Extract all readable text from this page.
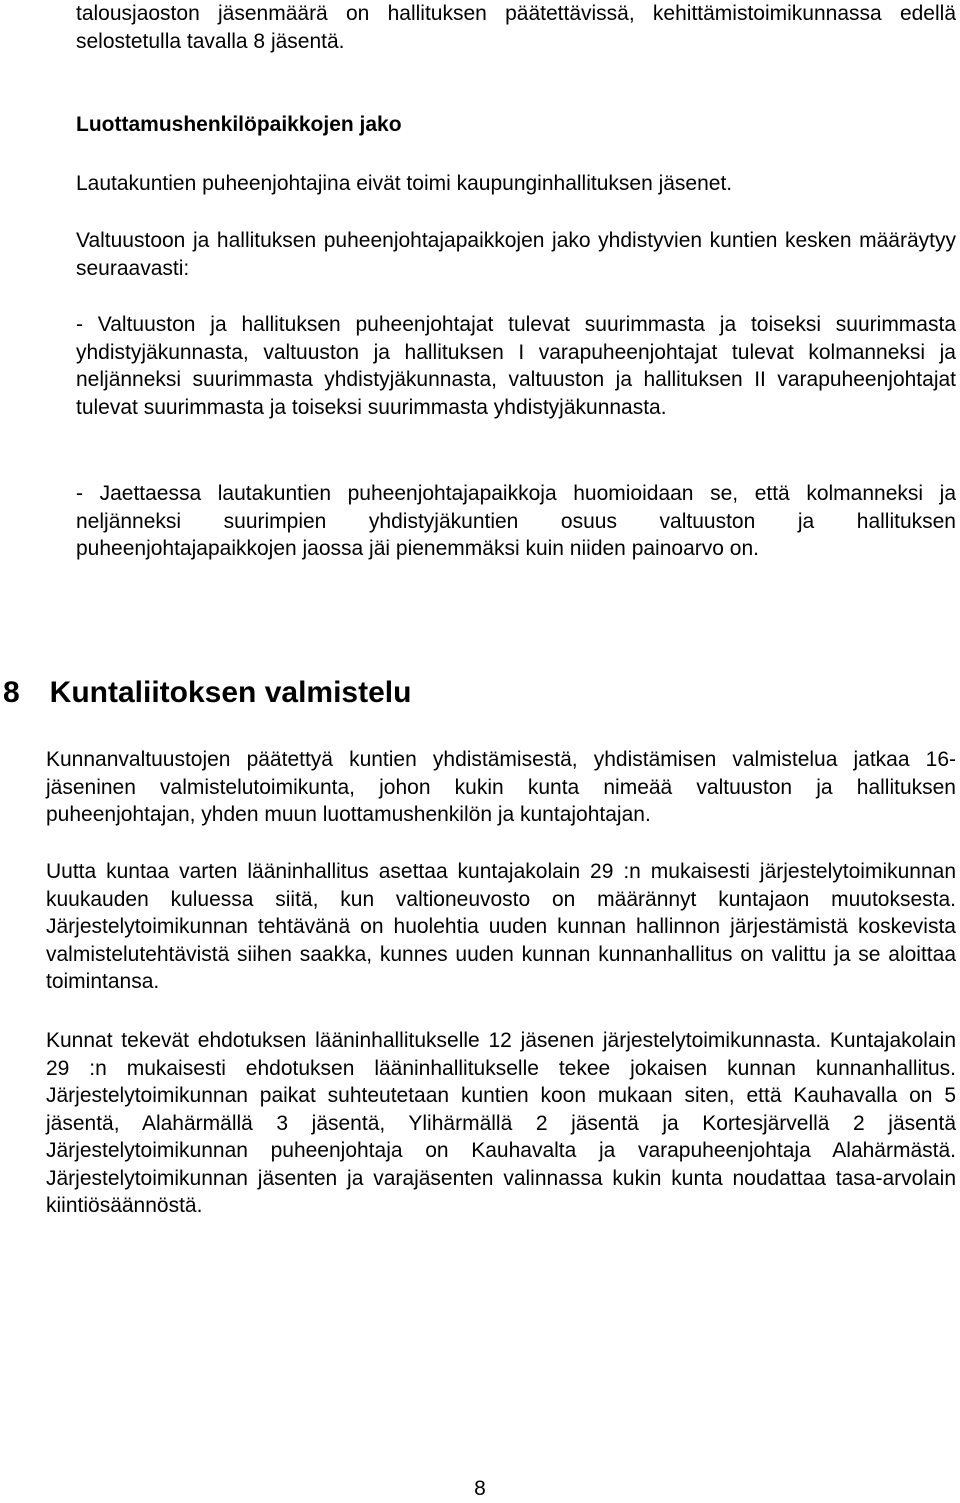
talousjaoston jäsenmäärä on hallituksen päätettävissä, kehittämistoimikunnassa edellä selostetulla tavalla 8 jäsentä.

Luottamushenkilöpaikkojen jako

Lautakuntien puheenjohtajina eivät toimi kaupunginhallituksen jäsenet.

Valtuustoon ja hallituksen puheenjohtajapaikkojen jako yhdistyvien kuntien kesken määräytyy seuraavasti:

- Valtuuston ja hallituksen puheenjohtajat tulevat suurimmasta ja toiseksi suurimmasta yhdistyjäkunnasta, valtuuston ja hallituksen I varapuheenjohtajat tulevat kolmanneksi ja neljänneksi suurimmasta yhdistyjäkunnasta, valtuuston ja hallituksen II varapuheenjohtajat tulevat suurimmasta ja toiseksi suurimmasta yhdistyjäkunnasta.

- Jaettaessa lautakuntien puheenjohtajapaikkoja huomioidaan se, että kolmanneksi ja neljänneksi suurimpien yhdistyjäkuntien osuus valtuuston ja hallituksen puheenjohtajapaikkojen jaossa jäi pienemmäksi kuin niiden painoarvo on.

8 Kuntaliitoksen valmistelu

Kunnanvaltuustojen päätettyä kuntien yhdistämisestä, yhdistämisen valmistelua jatkaa 16-jäseninen valmistelutoimikunta, johon kukin kunta nimeää valtuuston ja hallituksen puheenjohtajan, yhden muun luottamushenkilön ja kuntajohtajan.

Uutta kuntaa varten lääninhallitus asettaa kuntajakolain 29 :n mukaisesti järjestelytoimikunnan kuukauden kuluessa siitä, kun valtioneuvosto on määrännyt kuntajaon muutoksesta. Järjestelytoimikunnan tehtävänä on huolehtia uuden kunnan hallinnon järjestämistä koskevista valmistelutehtävistä siihen saakka, kunnes uuden kunnan kunnanhallitus on valittu ja se aloittaa toimintansa.

Kunnat tekevät ehdotuksen lääninhallitukselle 12 jäsenen järjestelytoimikunnasta. Kuntajakolain 29 :n mukaisesti ehdotuksen lääninhallitukselle tekee jokaisen kunnan kunnanhallitus. Järjestelytoimikunnan paikat suhteutetaan kuntien koon mukaan siten, että Kauhavalla on 5 jäsentä, Alahärmällä 3 jäsentä, Ylihärmällä 2 jäsentä ja Kortesjärvellä 2 jäsentä Järjestelytoimikunnan puheenjohtaja on Kauhavalta ja varapuheenjohtaja Alahärmästä. Järjestelytoimikunnan jäsenten ja varajäsenten valinnassa kukin kunta noudattaa tasa-arvolain kiintiösäännöstä.

8
